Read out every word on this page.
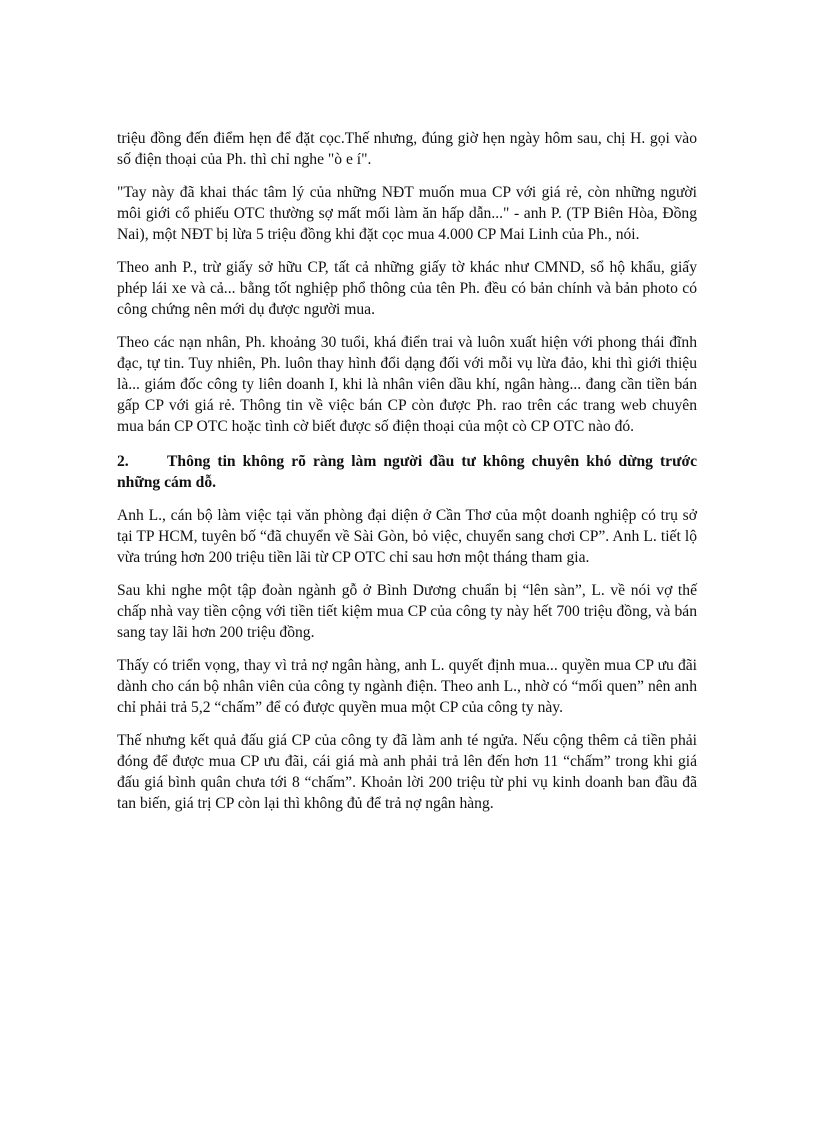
triệu đồng đến điểm hẹn để đặt cọc.Thế nhưng, đúng giờ hẹn ngày hôm sau, chị H. gọi vào số điện thoại của Ph. thì chỉ nghe "ò e í".

"Tay này đã khai thác tâm lý của những NĐT muốn mua CP với giá rẻ, còn những người môi giới cổ phiếu OTC thường sợ mất mối làm ăn hấp dẫn..." - anh P. (TP Biên Hòa, Đồng Nai), một NĐT bị lừa 5 triệu đồng khi đặt cọc mua 4.000 CP Mai Linh của Ph., nói.

Theo anh P., trừ giấy sở hữu CP, tất cả những giấy tờ khác như CMND, sổ hộ khẩu, giấy phép lái xe và cả... bằng tốt nghiệp phổ thông của tên Ph. đều có bản chính và bản photo có công chứng nên mới dụ được người mua.

Theo các nạn nhân, Ph. khoảng 30 tuổi, khá điển trai và luôn xuất hiện với phong thái đĩnh đạc, tự tin. Tuy nhiên, Ph. luôn thay hình đổi dạng đối với mỗi vụ lừa đảo, khi thì giới thiệu là... giám đốc công ty liên doanh I, khi là nhân viên dầu khí, ngân hàng... đang cần tiền bán gấp CP với giá rẻ. Thông tin về việc bán CP còn được Ph. rao trên các trang web chuyên mua bán CP OTC hoặc tình cờ biết được số điện thoại của một cò CP OTC nào đó.

2. Thông tin không rõ ràng làm người đầu tư không chuyên khó dừng trước những cám dỗ.

Anh L., cán bộ làm việc tại văn phòng đại diện ở Cần Thơ của một doanh nghiệp có trụ sở tại TP HCM, tuyên bố “đã chuyển về Sài Gòn, bỏ việc, chuyển sang chơi CP”. Anh L. tiết lộ vừa trúng hơn 200 triệu tiền lãi từ CP OTC chỉ sau hơn một tháng tham gia.

Sau khi nghe một tập đoàn ngành gỗ ở Bình Dương chuẩn bị “lên sàn”, L. về nói vợ thế chấp nhà vay tiền cộng với tiền tiết kiệm mua CP của công ty này hết 700 triệu đồng, và bán sang tay lãi hơn 200 triệu đồng.

Thấy có triển vọng, thay vì trả nợ ngân hàng, anh L. quyết định mua... quyền mua CP ưu đãi dành cho cán bộ nhân viên của công ty ngành điện. Theo anh L., nhờ có “mối quen” nên anh chỉ phải trả 5,2 “chấm” để có được quyền mua một CP của công ty này.

Thế nhưng kết quả đấu giá CP của công ty đã làm anh té ngửa. Nếu cộng thêm cả tiền phải đóng để được mua CP ưu đãi, cái giá mà anh phải trả lên đến hơn 11 “chấm” trong khi giá đấu giá bình quân chưa tới 8 “chấm”. Khoản lời 200 triệu từ phi vụ kinh doanh ban đầu đã tan biến, giá trị CP còn lại thì không đủ để trả nợ ngân hàng.
